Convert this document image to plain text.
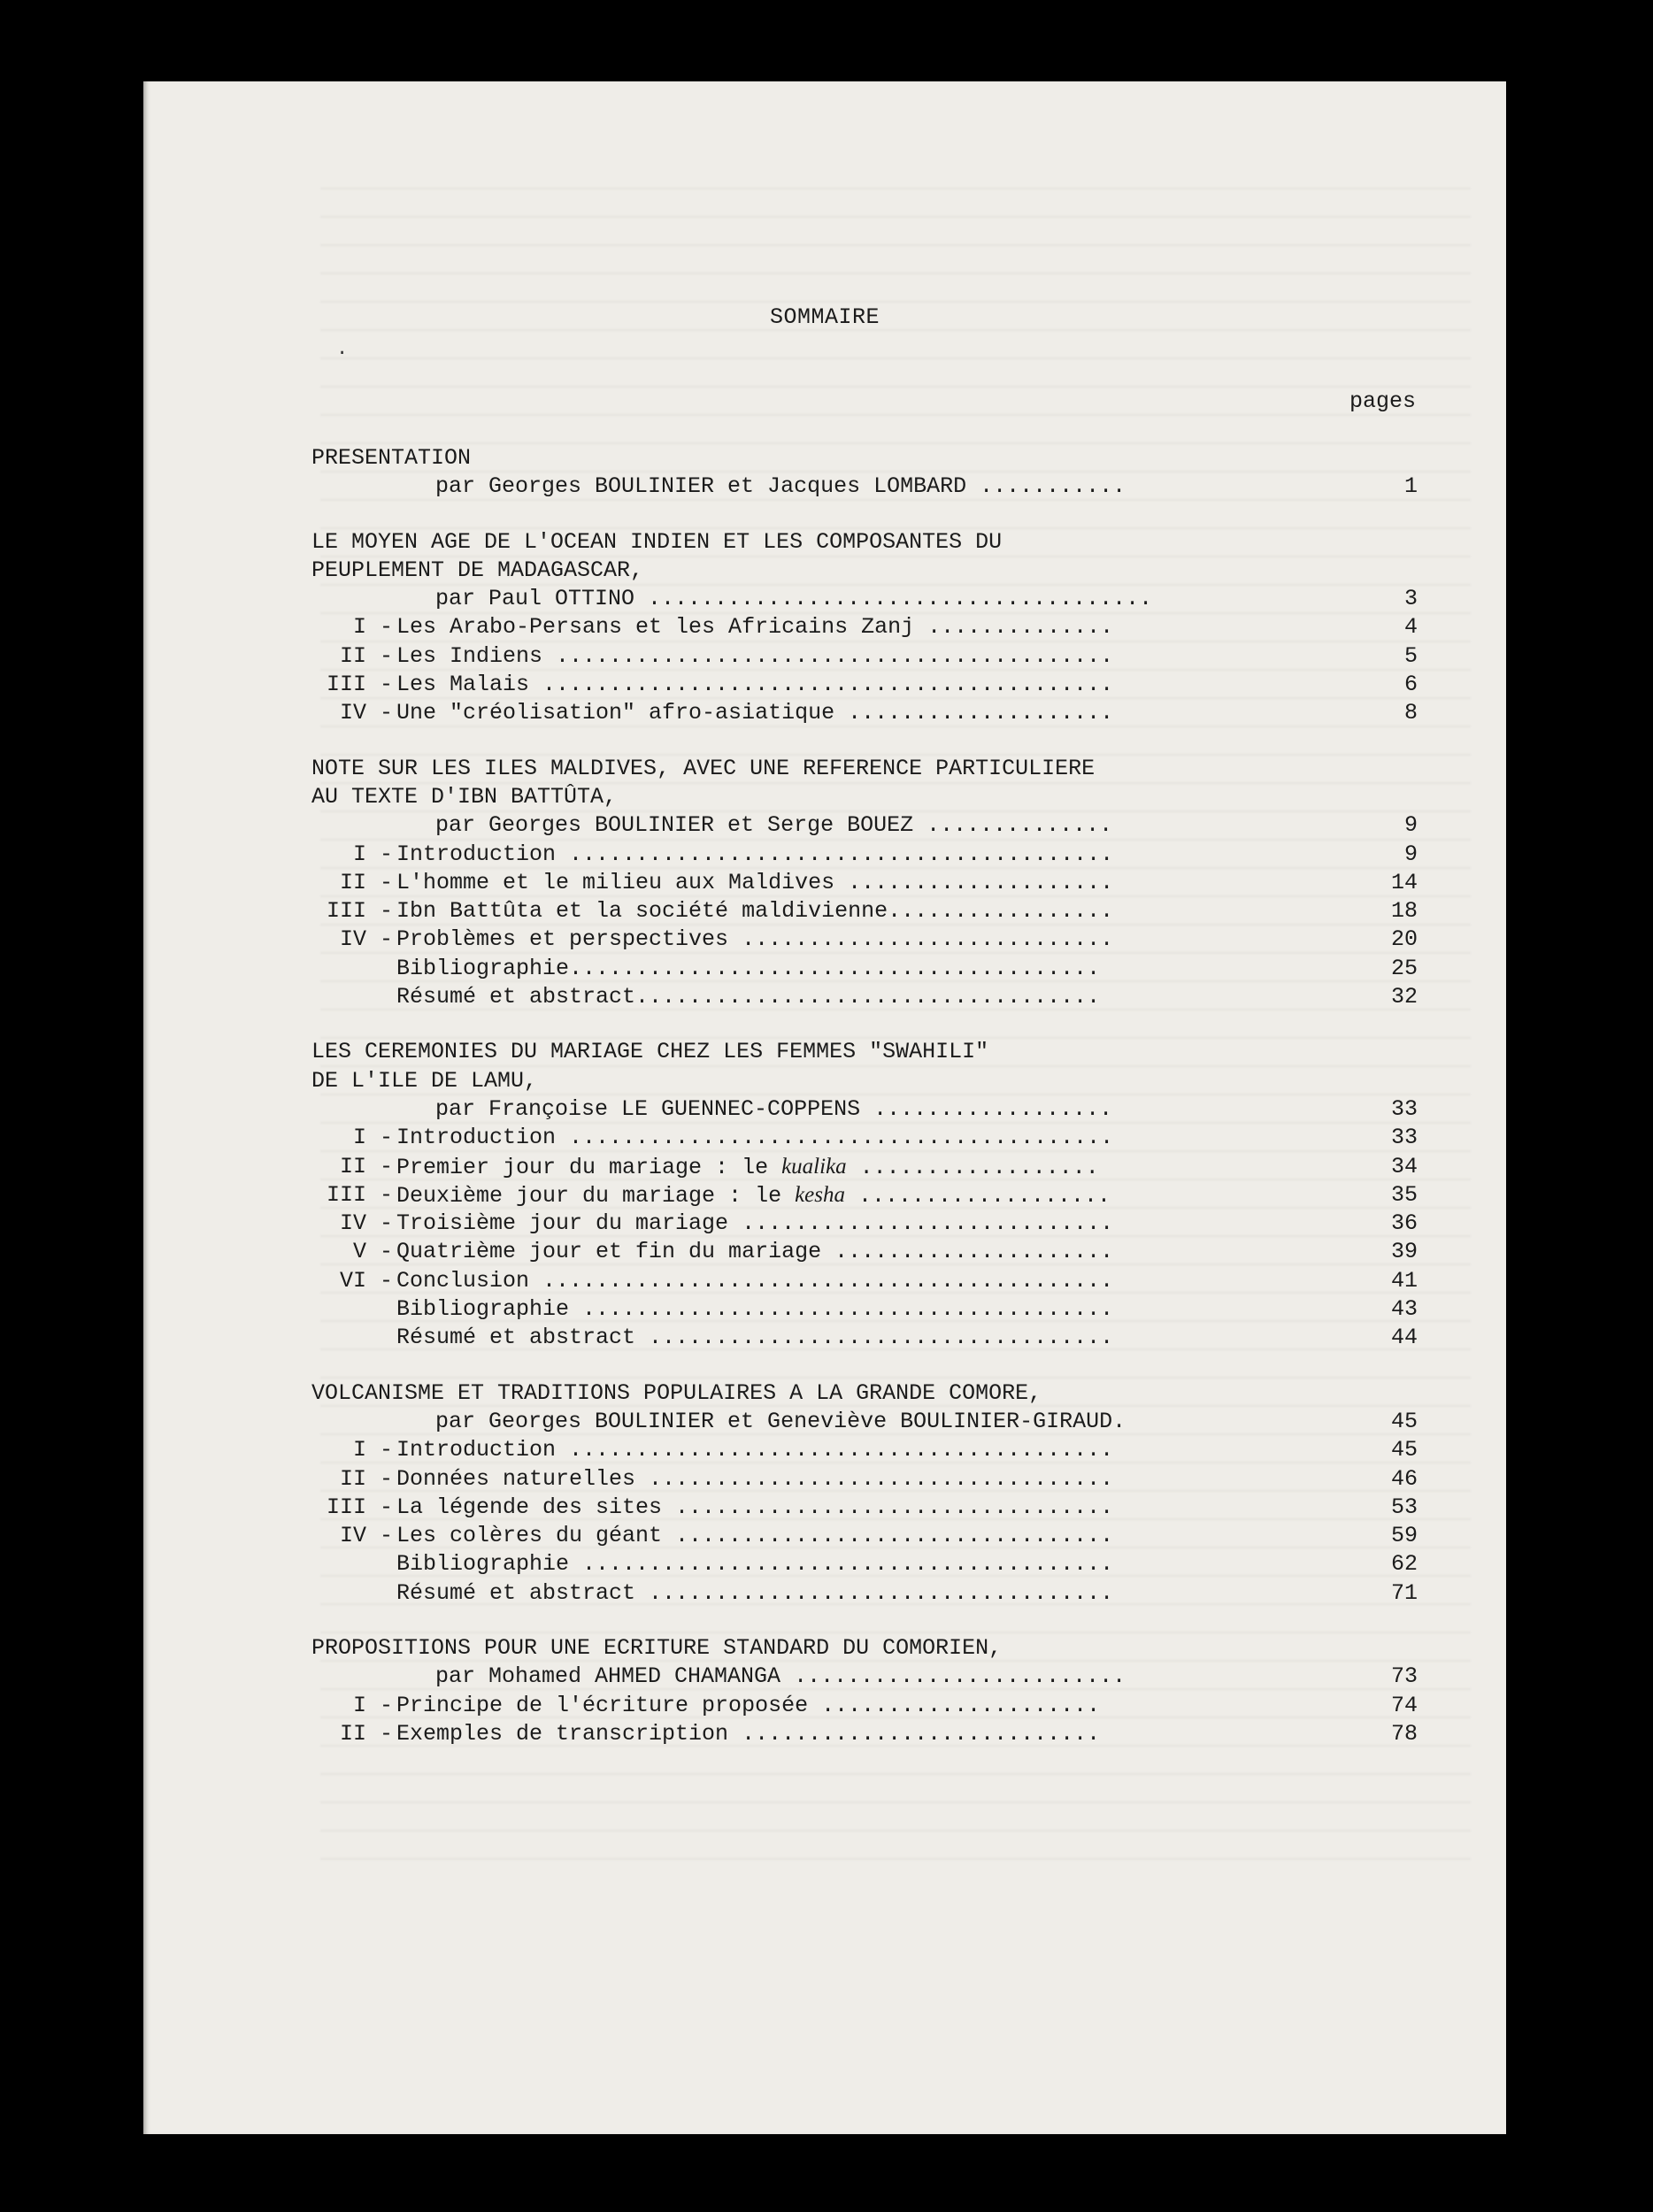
SOMMAIRE
.
pages
PRESENTATION
par Georges BOULINIER et Jacques LOMBARD ...........	1
LE MOYEN AGE DE L'OCEAN INDIEN ET LES COMPOSANTES DU
PEUPLEMENT DE MADAGASCAR,
par Paul OTTINO ......................................	3
I - Les Arabo-Persans et les Africains Zanj ..............	4
II - Les Indiens ..........................................	5
III - Les Malais ...........................................	6
IV - Une "créolisation" afro-asiatique ....................	8
NOTE SUR LES ILES MALDIVES, AVEC UNE REFERENCE PARTICULIERE
AU TEXTE D'IBN BATTÛTA,
par Georges BOULINIER et Serge BOUEZ ..............	9
I - Introduction .........................................	9
II - L'homme et le milieu aux Maldives ....................	14
III - Ibn Battûta et la société maldivienne.................	18
IV - Problèmes et perspectives ............................	20
Bibliographie........................................	25
Résumé et abstract...................................	32
LES CEREMONIES DU MARIAGE CHEZ LES FEMMES "SWAHILI"
DE L'ILE DE LAMU,
par Françoise LE GUENNEC-COPPENS ..................	33
I - Introduction .........................................	33
II - Premier jour du mariage : le kualika ..................	34
III - Deuxième jour du mariage : le kesha ...................	35
IV - Troisième jour du mariage ............................	36
V - Quatrième jour et fin du mariage .....................	39
VI - Conclusion ...........................................	41
Bibliographie ........................................	43
Résumé et abstract ...................................	44
VOLCANISME ET TRADITIONS POPULAIRES A LA GRANDE COMORE,
par Georges BOULINIER et Geneviève BOULINIER-GIRAUD.	45
I - Introduction .........................................	45
II - Données naturelles ...................................	46
III - La légende des sites .................................	53
IV - Les colères du géant .................................	59
Bibliographie ........................................	62
Résumé et abstract ...................................	71
PROPOSITIONS POUR UNE ECRITURE STANDARD DU COMORIEN,
par Mohamed AHMED CHAMANGA .........................	73
I - Principe de l'écriture proposée .....................	74
II - Exemples de transcription ...........................	78
